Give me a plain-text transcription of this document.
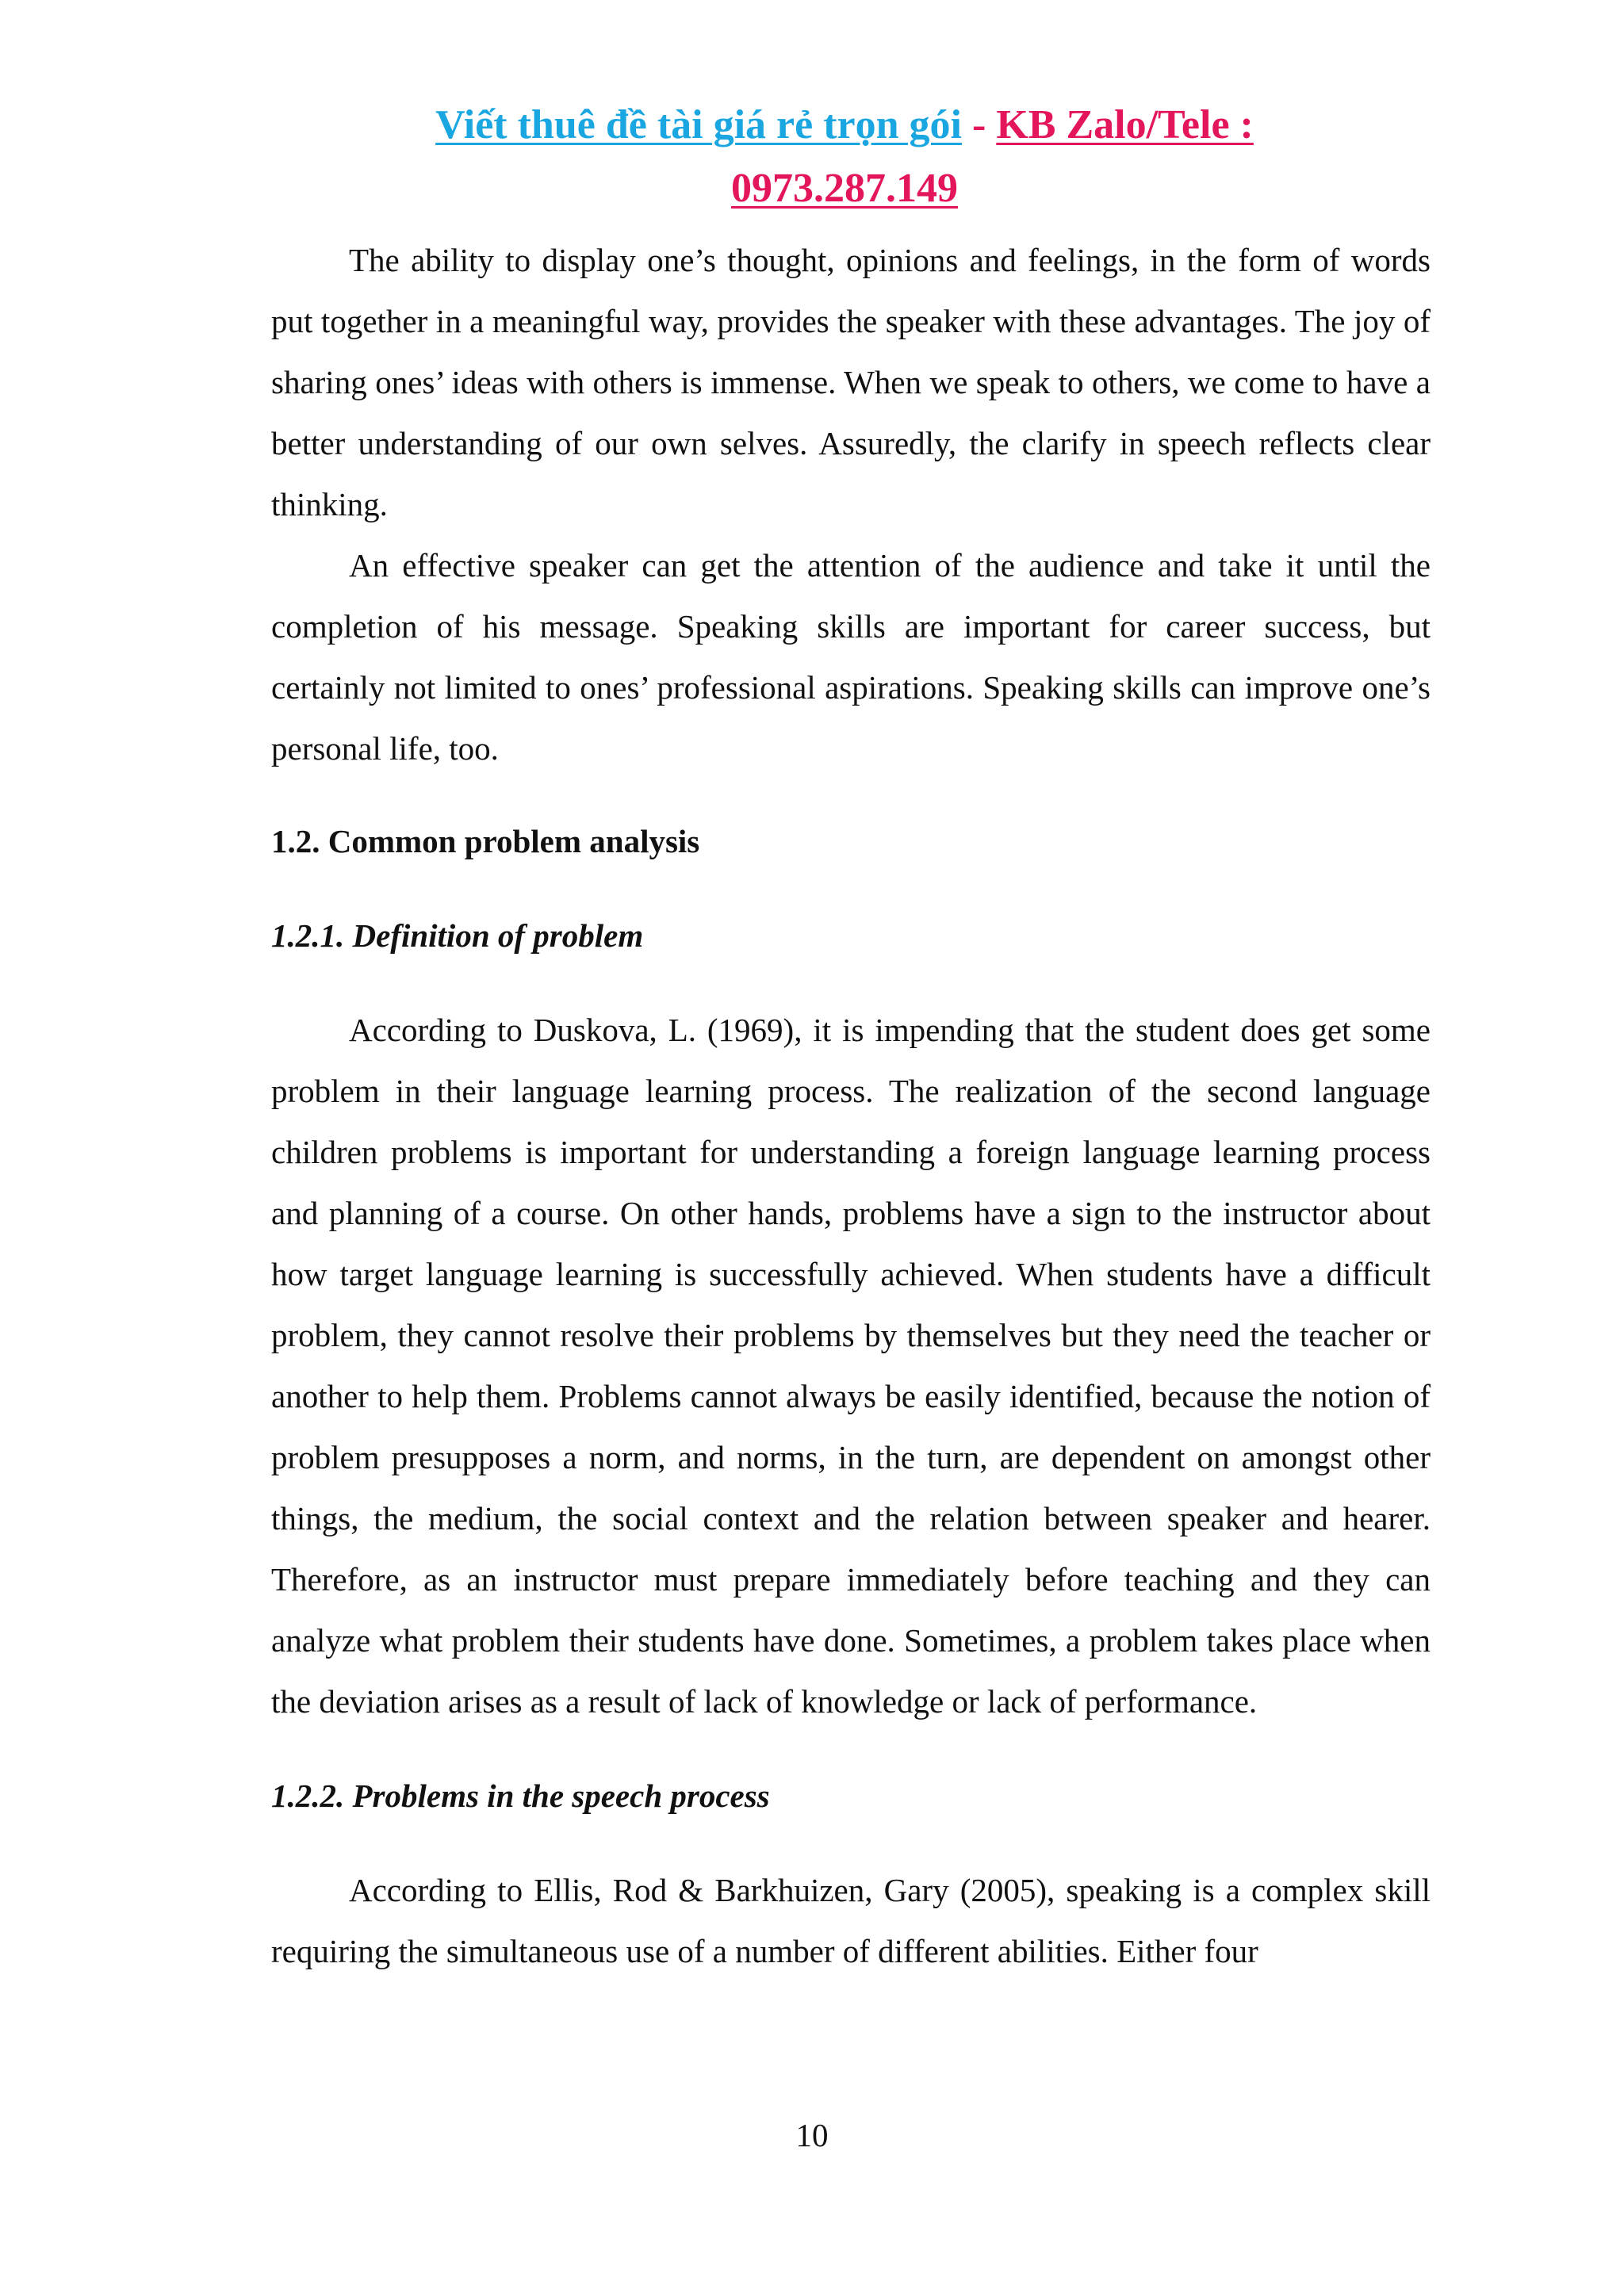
Viết thuê đề tài giá rẻ trọn gói - KB Zalo/Tele :
0973.287.149

The ability to display one’s thought, opinions and feelings, in the form of words put together in a meaningful way, provides the speaker with these advantages. The joy of sharing ones’ ideas with others is immense. When we speak to others, we come to have a better understanding of our own selves. Assuredly, the clarify in speech reflects clear thinking.

An effective speaker can get the attention of the audience and take it until the completion of his message. Speaking skills are important for career success, but certainly not limited to ones’ professional aspirations. Speaking skills can improve one’s personal life, too.

1.2. Common problem analysis

1.2.1. Definition of problem

According to Duskova, L. (1969), it is impending that the student does get some problem in their language learning process. The realization of the second language children problems is important for understanding a foreign language learning process and planning of a course. On other hands, problems have a sign to the instructor about how target language learning is successfully achieved. When students have a difficult problem, they cannot resolve their problems by themselves but they need the teacher or another to help them. Problems cannot always be easily identified, because the notion of problem presupposes a norm, and norms, in the turn, are dependent on amongst other things, the medium, the social context and the relation between speaker and hearer. Therefore, as an instructor must prepare immediately before teaching and they can analyze what problem their students have done. Sometimes, a problem takes place when the deviation arises as a result of lack of knowledge or lack of performance.

1.2.2. Problems in the speech process

According to Ellis, Rod & Barkhuizen, Gary (2005), speaking is a complex skill requiring the simultaneous use of a number of different abilities. Either four

10
